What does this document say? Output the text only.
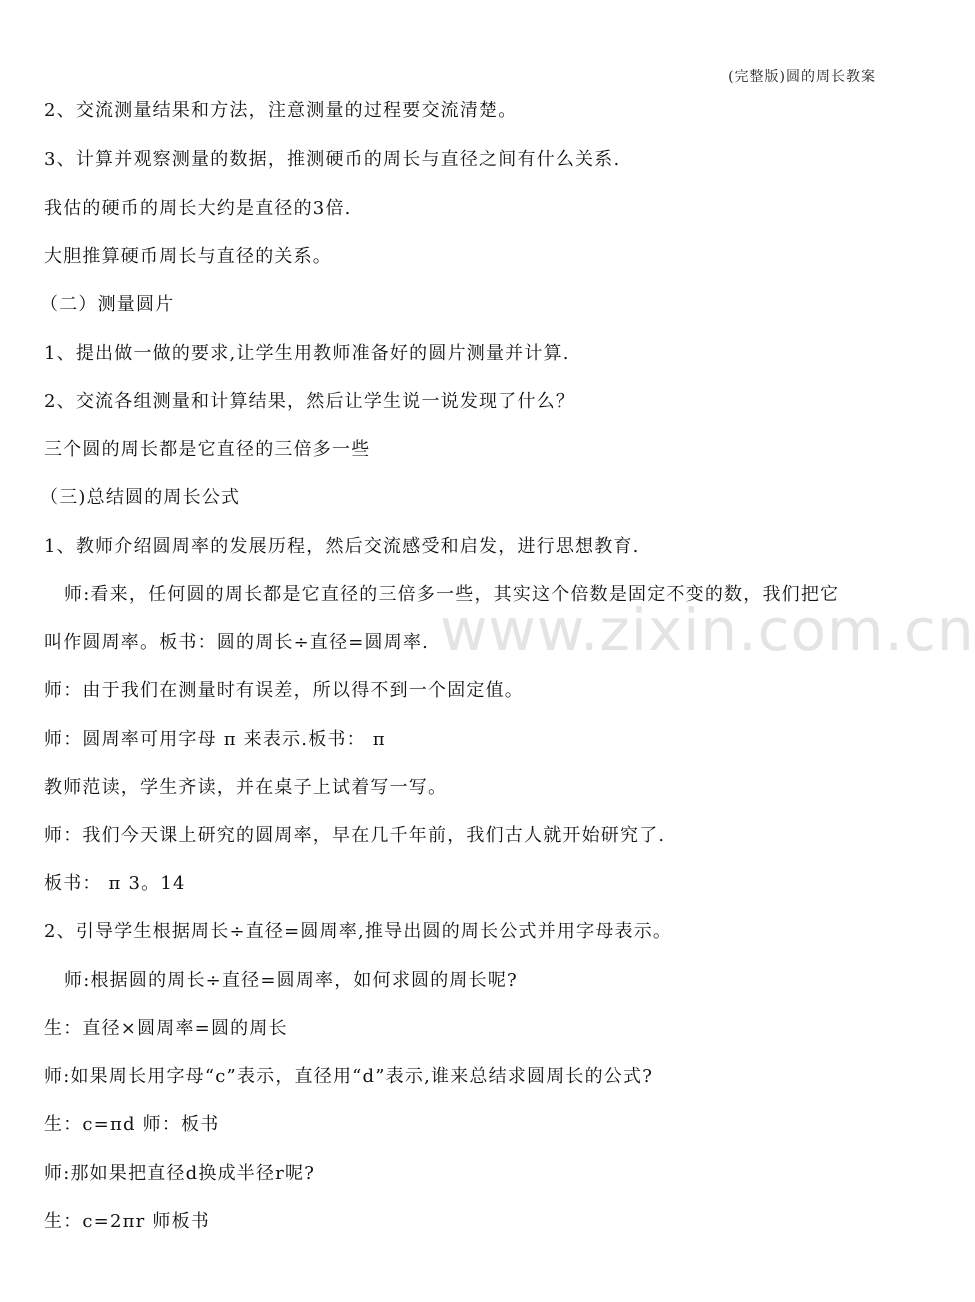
(完整版)圆的周长教案
www.zixin.com.cn
2、交流测量结果和方法，注意测量的过程要交流清楚。
3、计算并观察测量的数据，推测硬币的周长与直径之间有什么关系.
我估的硬币的周长大约是直径的3倍.
大胆推算硬币周长与直径的关系。
（二）测量圆片
1、提出做一做的要求,让学生用教师准备好的圆片测量并计算.
2、交流各组测量和计算结果，然后让学生说一说发现了什么？
三个圆的周长都是它直径的三倍多一些
（三)总结圆的周长公式
1、教师介绍圆周率的发展历程，然后交流感受和启发，进行思想教育.
师:看来，任何圆的周长都是它直径的三倍多一些，其实这个倍数是固定不变的数，我们把它
叫作圆周率。板书：圆的周长÷直径=圆周率.
师：由于我们在测量时有误差，所以得不到一个固定值。
师：圆周率可用字母 π 来表示.板书： π
教师范读，学生齐读，并在桌子上试着写一写。
师：我们今天课上研究的圆周率，早在几千年前，我们古人就开始研究了.
板书： π 3。14
2、引导学生根据周长÷直径=圆周率,推导出圆的周长公式并用字母表示。
师:根据圆的周长÷直径=圆周率，如何求圆的周长呢?
生：直径×圆周率=圆的周长
师:如果周长用字母“c”表示，直径用“d”表示,谁来总结求圆周长的公式?
生：c=πd 师：板书
师:那如果把直径d换成半径r呢?
生：c=2πr 师板书
